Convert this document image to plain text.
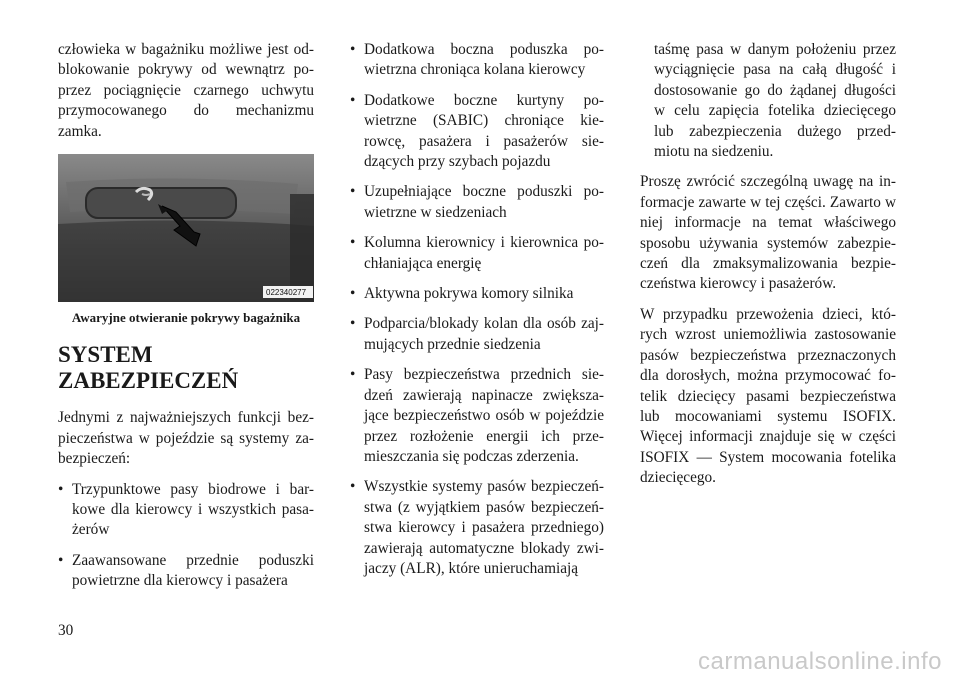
człowieka w bagażniku możliwe jest od-blokowanie pokrywy od wewnątrz po-przez pociągnięcie czarnego uchwytu przymocowanego do mechanizmu zamka.

022340277

Awaryjne otwieranie pokrywy bagażnika

SYSTEM
ZABEZPIECZEŃ

Jednymi z najważniejszych funkcji bez-pieczeństwa w pojeździe są systemy za-bezpieczeń:

• Trzypunktowe pasy biodrowe i bar-kowe dla kierowcy i wszystkich pasa-żerów
• Zaawansowane przednie poduszki powietrzne dla kierowcy i pasażera
• Dodatkowa boczna poduszka po-wietrzna chroniąca kolana kierowcy
• Dodatkowe boczne kurtyny po-wietrzne (SABIC) chroniące kie-rowcę, pasażera i pasażerów sie-dzących przy szybach pojazdu
• Uzupełniające boczne poduszki po-wietrzne w siedzeniach
• Kolumna kierownicy i kierownica po-chłaniająca energię
• Aktywna pokrywa komory silnika
• Podparcia/blokady kolan dla osób zaj-mujących przednie siedzenia
• Pasy bezpieczeństwa przednich sie-dzeń zawierają napinacze zwiększa-jące bezpieczeństwo osób w pojeździe przez rozłożenie energii ich prze-mieszczania się podczas zderzenia.
• Wszystkie systemy pasów bezpieczeń-stwa (z wyjątkiem pasów bezpieczeń-stwa kierowcy i pasażera przedniego) zawierają automatyczne blokady zwi-jaczy (ALR), które unieruchamiają

taśmę pasa w danym położeniu przez wyciągnięcie pasa na całą długość i dostosowanie go do żądanej długości w celu zapięcia fotelika dziecięcego lub zabezpieczenia dużego przed-miotu na siedzeniu.

Proszę zwrócić szczególną uwagę na in-formacje zawarte w tej części. Zawarto w niej informacje na temat właściwego sposobu używania systemów zabezpie-czeń dla zmaksymalizowania bezpie-czeństwa kierowcy i pasażerów.

W przypadku przewożenia dzieci, któ-rych wzrost uniemożliwia zastosowanie pasów bezpieczeństwa przeznaczonych dla dorosłych, można przymocować fo-telik dziecięcy pasami bezpieczeństwa lub mocowaniami systemu ISOFIX. Więcej informacji znajduje się w części ISOFIX — System mocowania fotelika dziecięcego.

30
carmanualsonline.info
